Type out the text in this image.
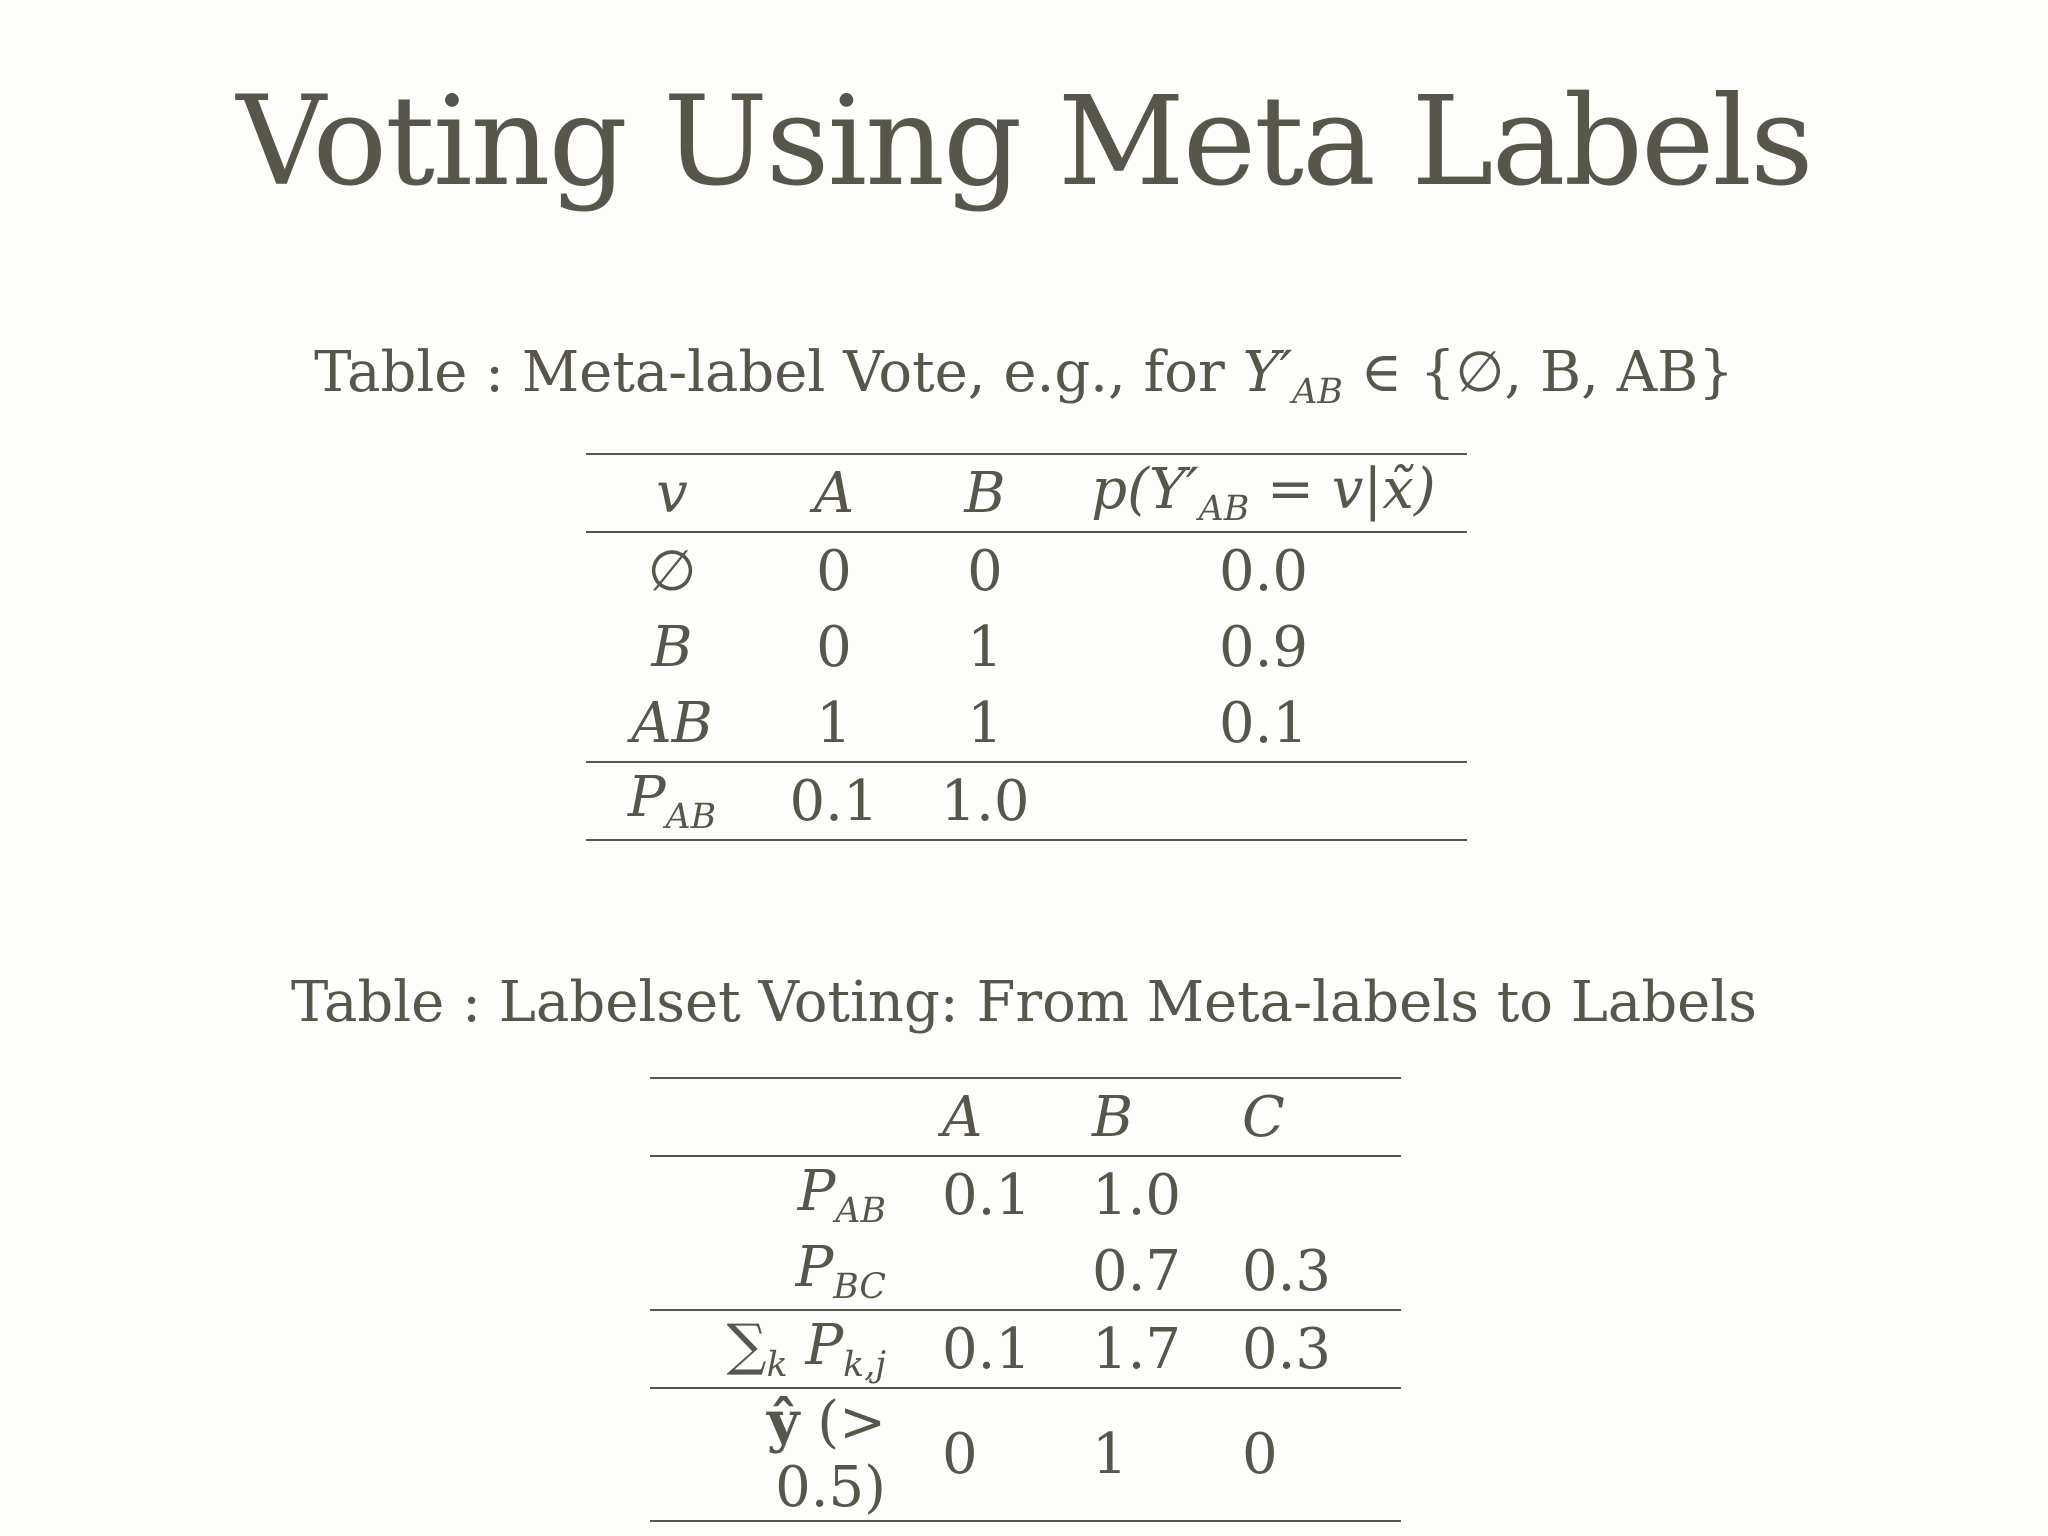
Voting Using Meta Labels
Table : Meta-label Vote, e.g., for $Y'_{AB}$ ∈ {∅, B, AB}
v	A	B	$p(Y'_{AB}$ = v|x̃)
∅	0	0	0.0
B	0	1	0.9
AB	1	1	0.1
$P_{AB}$	0.1	1.0	
Table : Labelset Voting: From Meta-labels to Labels
	A	B	C
$P_{AB}$	0.1	1.0	
$P_{BC}$		0.7	0.3
$\sum_k$ $P_{k,j}$	0.1	1.7	0.3
ŷ (> 0.5)	0	1	0
